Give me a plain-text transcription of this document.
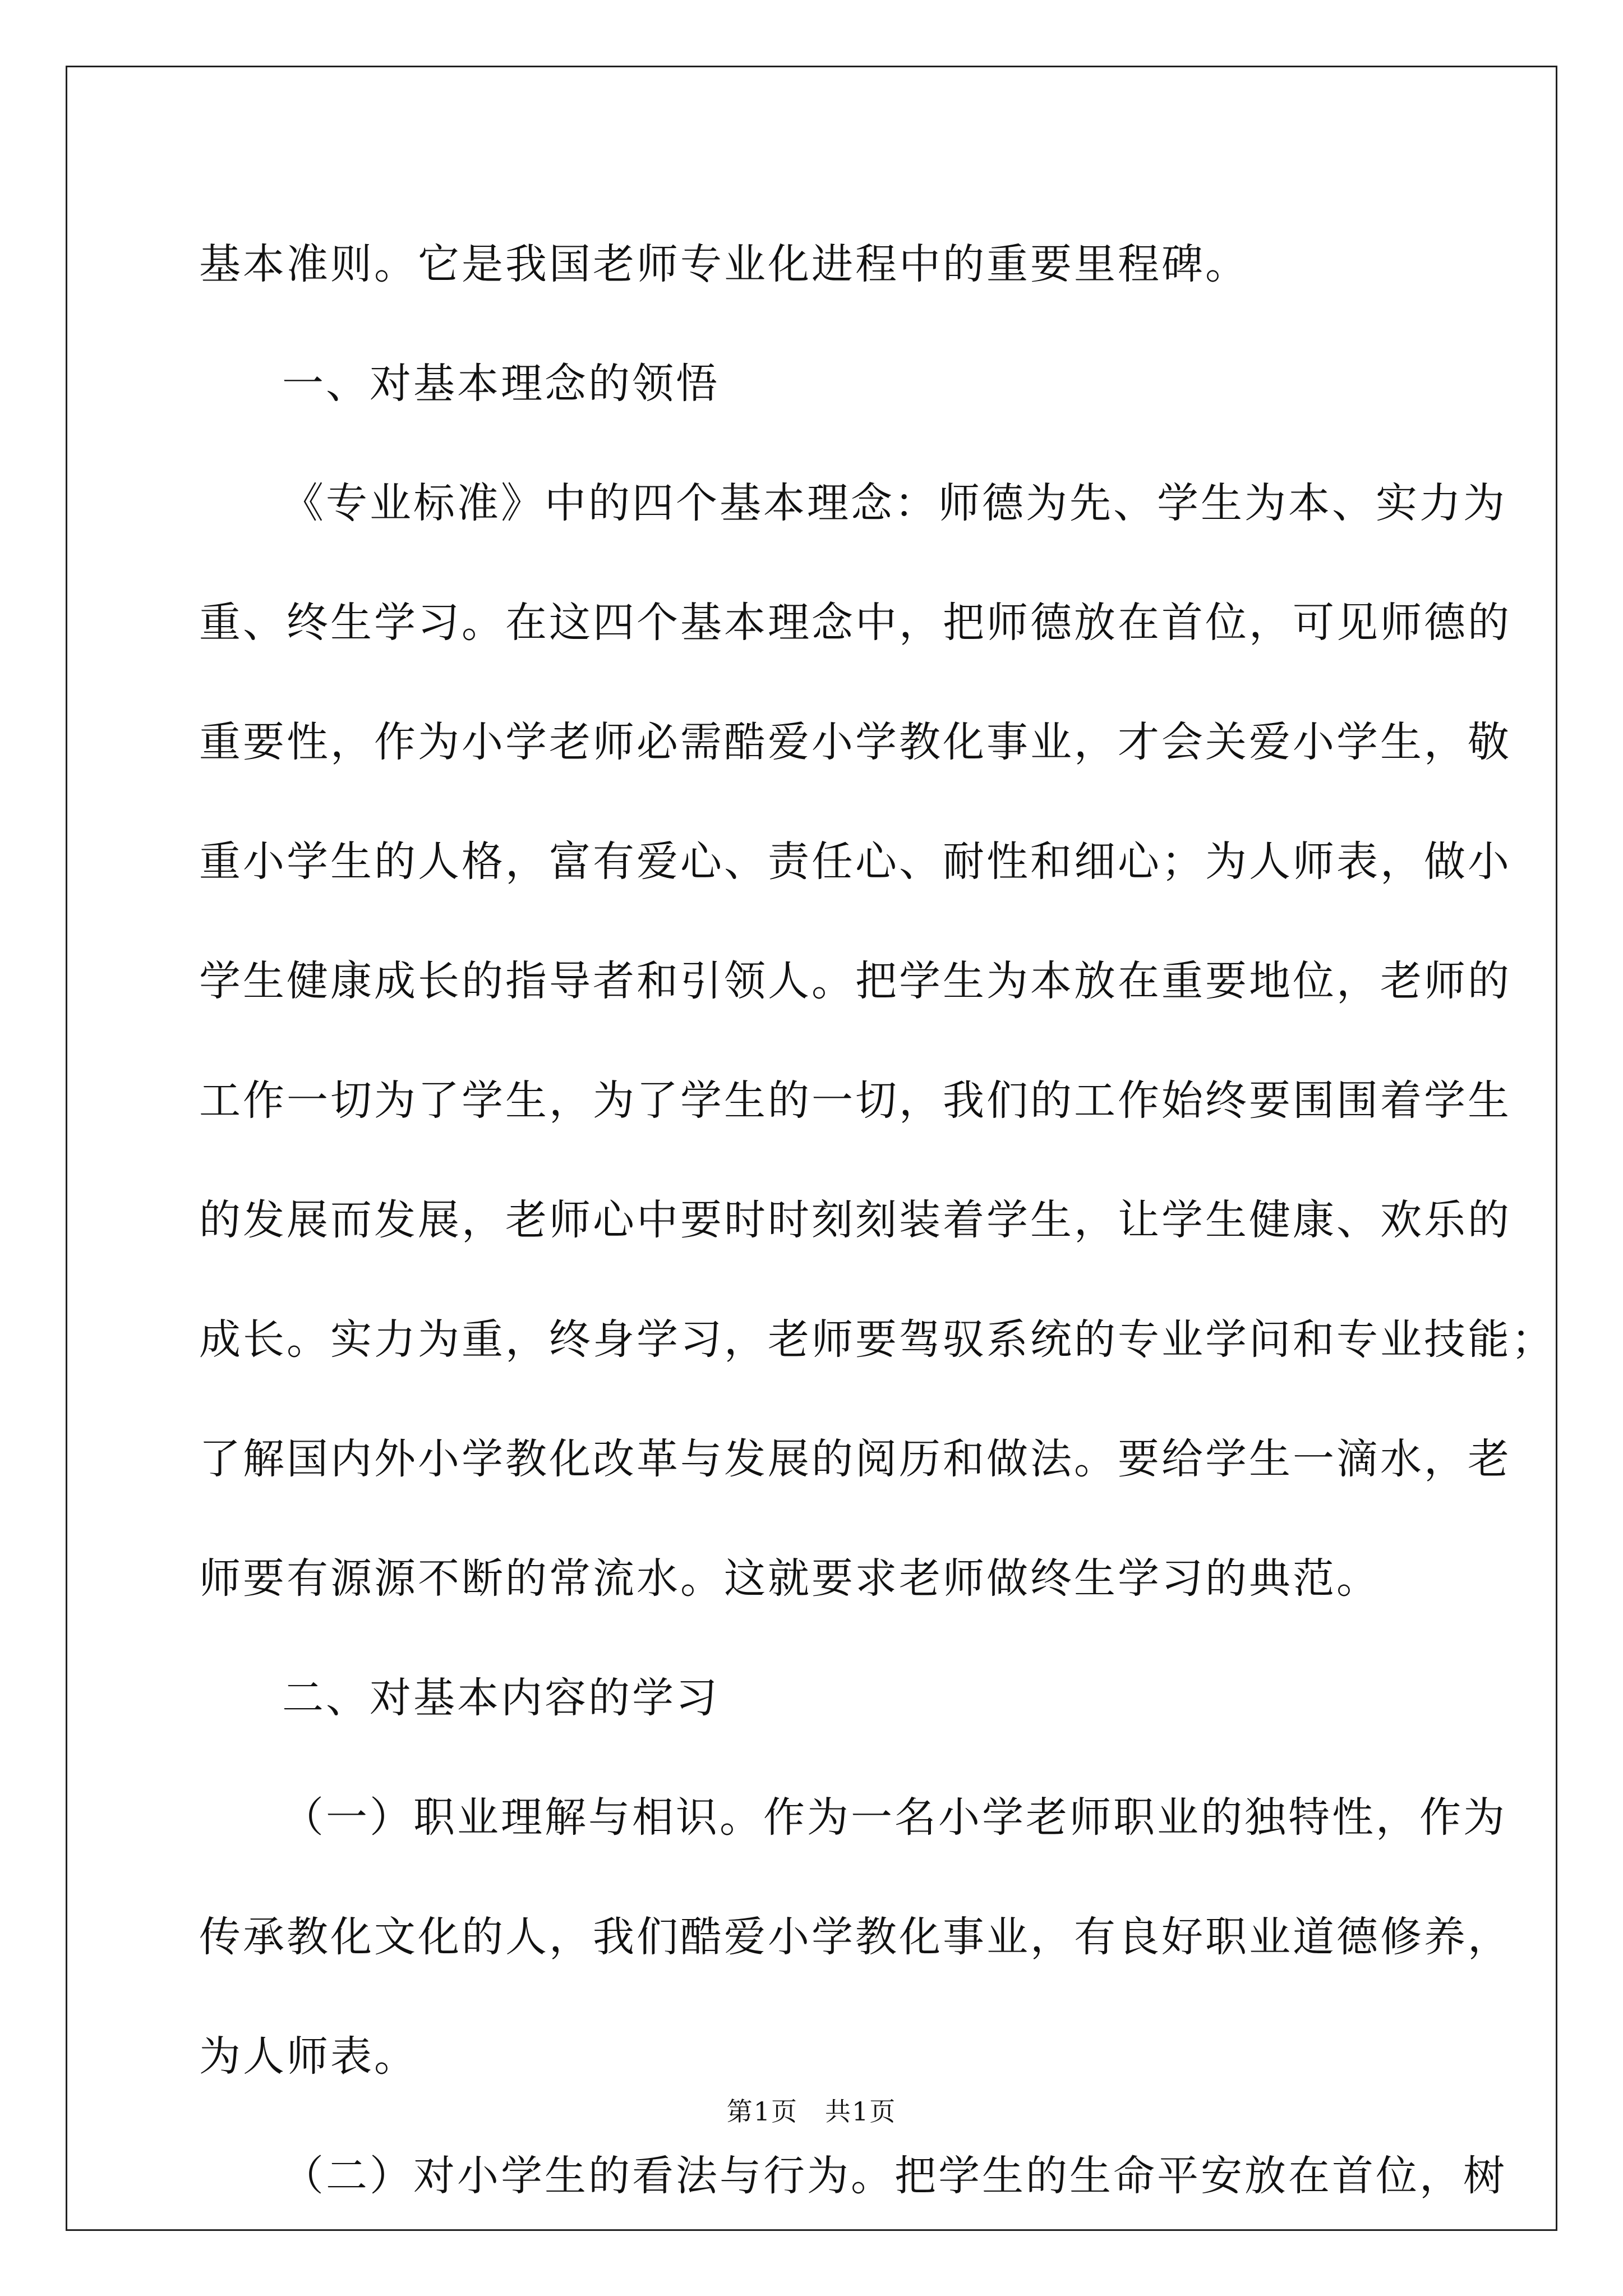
基本准则。它是我国老师专业化进程中的重要里程碑。
一、对基本理念的领悟
《专业标准》中的四个基本理念：师德为先、学生为本、实力为
重、终生学习。在这四个基本理念中，把师德放在首位，可见师德的
重要性，作为小学老师必需酷爱小学教化事业，才会关爱小学生，敬
重小学生的人格，富有爱心、责任心、耐性和细心；为人师表，做小
学生健康成长的指导者和引领人。把学生为本放在重要地位，老师的
工作一切为了学生，为了学生的一切，我们的工作始终要围围着学生
的发展而发展，老师心中要时时刻刻装着学生，让学生健康、欢乐的
成长。实力为重，终身学习，老师要驾驭系统的专业学问和专业技能；
了解国内外小学教化改革与发展的阅历和做法。要给学生一滴水，老
师要有源源不断的常流水。这就要求老师做终生学习的典范。
二、对基本内容的学习
（一）职业理解与相识。作为一名小学老师职业的独特性，作为
传承教化文化的人，我们酷爱小学教化事业，有良好职业道德修养，
为人师表。
（二）对小学生的看法与行为。把学生的生命平安放在首位，树
第1页　共1页
